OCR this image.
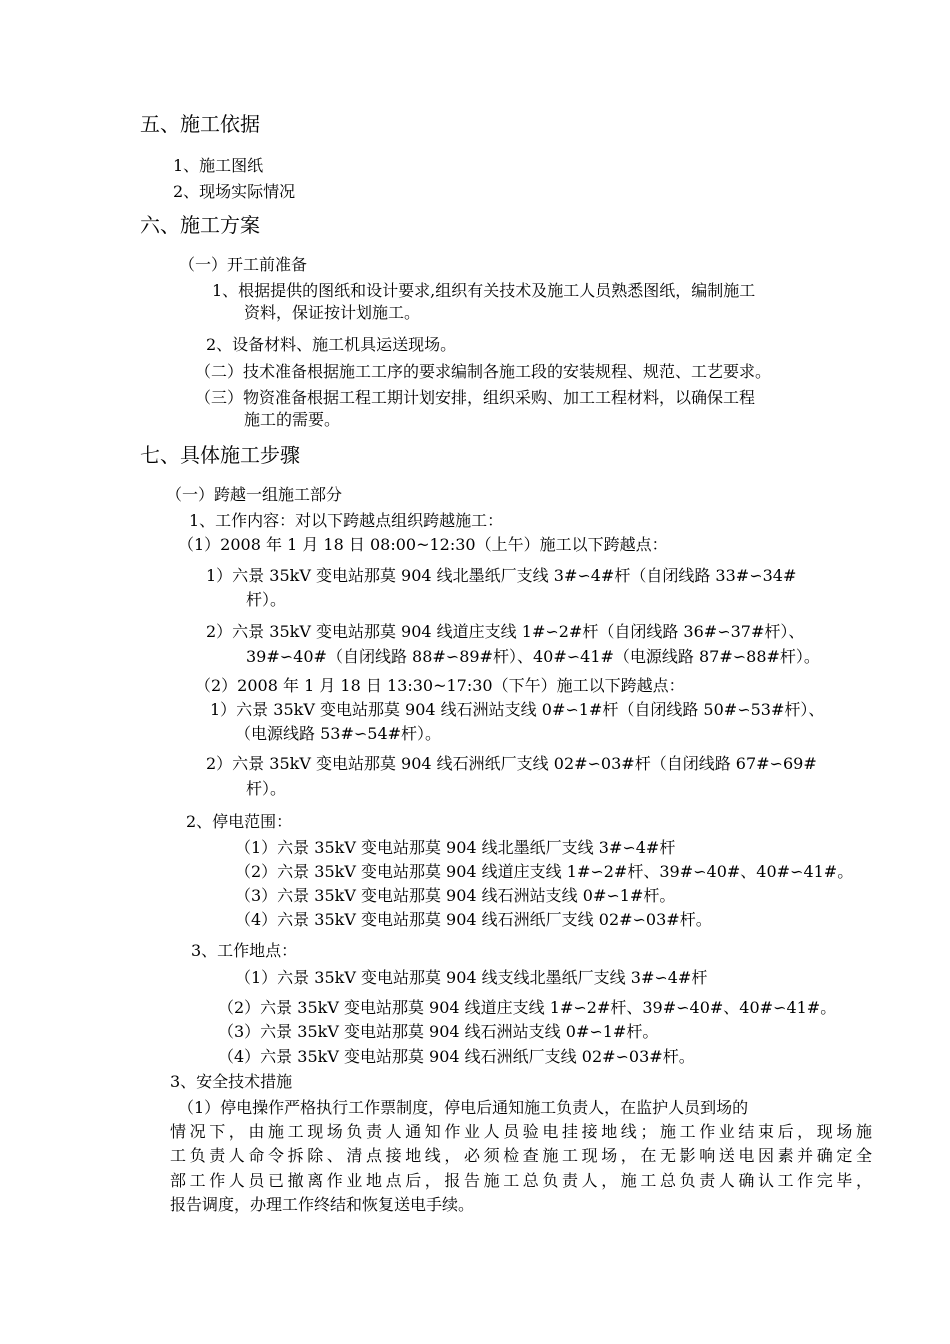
五、施工依据
1、施工图纸
2、现场实际情况
六、施工方案
（一）开工前准备
1、根据提供的图纸和设计要求,组织有关技术及施工人员熟悉图纸，编制施工
资料，保证按计划施工。
2、设备材料、施工机具运送现场。
（二）技术准备根据施工工序的要求编制各施工段的安装规程、规范、工艺要求。
（三）物资准备根据工程工期计划安排，组织采购、加工工程材料，以确保工程
施工的需要。
七、具体施工步骤
（一）跨越一组施工部分
1、工作内容：对以下跨越点组织跨越施工：
（1）2008 年 1 月 18 日 08:00~12:30（上午）施工以下跨越点：
1）六景 35kV 变电站那莫 904 线北墨纸厂支线 3#∽4#杆（自闭线路 33#∽34#
杆）。
2）六景 35kV 变电站那莫 904 线道庄支线 1#∽2#杆（自闭线路 36#∽37#杆）、
39#∽40#（自闭线路 88#∽89#杆）、40#∽41#（电源线路 87#∽88#杆）。
（2）2008 年 1 月 18 日 13:30~17:30（下午）施工以下跨越点：
1）六景 35kV 变电站那莫 904 线石洲站支线 0#∽1#杆（自闭线路 50#∽53#杆）、
（电源线路 53#∽54#杆）。
2）六景 35kV 变电站那莫 904 线石洲纸厂支线 02#∽03#杆（自闭线路 67#∽69#
杆）。
2、停电范围：
（1）六景 35kV 变电站那莫 904 线北墨纸厂支线 3#∽4#杆
（2）六景 35kV 变电站那莫 904 线道庄支线 1#∽2#杆、39#∽40#、40#∽41#。
（3）六景 35kV 变电站那莫 904 线石洲站支线 0#∽1#杆。
（4）六景 35kV 变电站那莫 904 线石洲纸厂支线 02#∽03#杆。
3、工作地点：
（1）六景 35kV 变电站那莫 904 线支线北墨纸厂支线 3#∽4#杆
（2）六景 35kV 变电站那莫 904 线道庄支线 1#∽2#杆、39#∽40#、40#∽41#。
（3）六景 35kV 变电站那莫 904 线石洲站支线 0#∽1#杆。
（4）六景 35kV 变电站那莫 904 线石洲纸厂支线 02#∽03#杆。
3、安全技术措施
（1）停电操作严格执行工作票制度，停电后通知施工负责人，在监护人员到场的
情况下，由施工现场负责人通知作业人员验电挂接地线；施工作业结束后，现场施
工负责人命令拆除、清点接地线，必须检查施工现场，在无影响送电因素并确定全
部工作人员已撤离作业地点后，报告施工总负责人，施工总负责人确认工作完毕，
报告调度，办理工作终结和恢复送电手续。
